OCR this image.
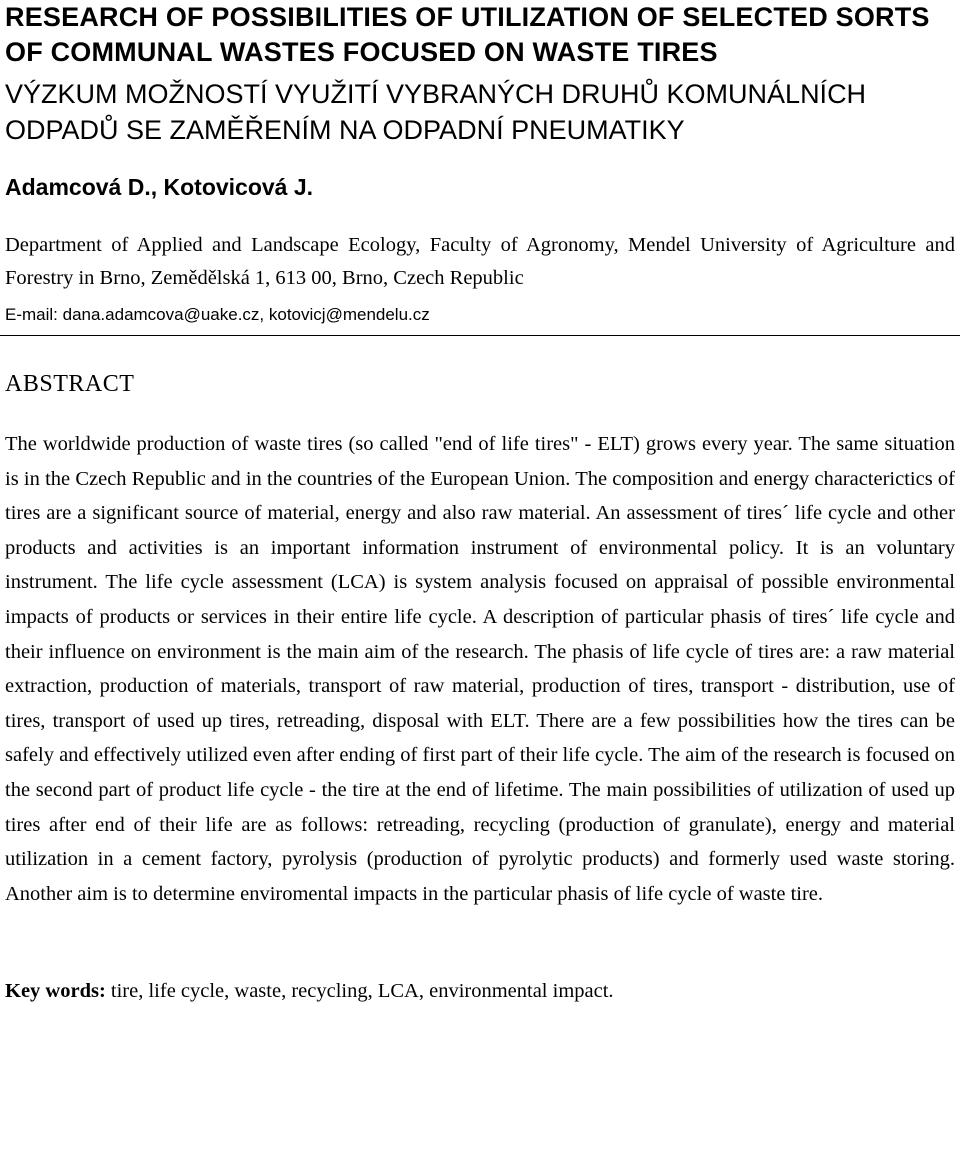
RESEARCH OF POSSIBILITIES OF UTILIZATION OF SELECTED SORTS OF COMMUNAL WASTES FOCUSED ON WASTE TIRES
VÝZKUM MOŽNOSTÍ VYUŽITÍ VYBRANÝCH DRUHŮ KOMUNÁLNÍCH ODPADŮ SE ZAMĚŘENÍM NA ODPADNÍ PNEUMATIKY
Adamcová D., Kotovicová J.
Department of Applied and Landscape Ecology, Faculty of Agronomy, Mendel University of Agriculture and Forestry in Brno, Zemědělská 1, 613 00, Brno, Czech Republic
E-mail: dana.adamcova@uake.cz, kotovicj@mendelu.cz
ABSTRACT
The worldwide production of waste tires (so called "end of life tires" - ELT) grows every year. The same situation is in the Czech Republic and in the countries of the European Union. The composition and energy characterictics of tires are a significant source of material, energy and also raw material. An assessment of tires´ life cycle and other products and activities is an important information instrument of environmental policy. It is an voluntary instrument. The life cycle assessment (LCA) is system analysis focused on appraisal of possible environmental impacts of products or services in their entire life cycle. A description of particular phasis of tires´ life cycle and their influence on environment is the main aim of the research. The phasis of life cycle of tires are: a raw material extraction, production of materials, transport of raw material, production of tires, transport - distribution, use of tires, transport of used up tires, retreading, disposal with ELT. There are a few possibilities how the tires can be safely and effectively utilized even after ending of first part of their life cycle. The aim of the research is focused on the second part of product life cycle - the tire at the end of lifetime. The main possibilities of utilization of used up tires after end of their life are as follows: retreading, recycling (production of granulate), energy and material utilization in a cement factory, pyrolysis (production of pyrolytic products) and formerly used waste storing. Another aim is to determine enviromental impacts in the particular phasis of life cycle of waste tire.
Key words: tire, life cycle, waste, recycling, LCA, environmental impact.
